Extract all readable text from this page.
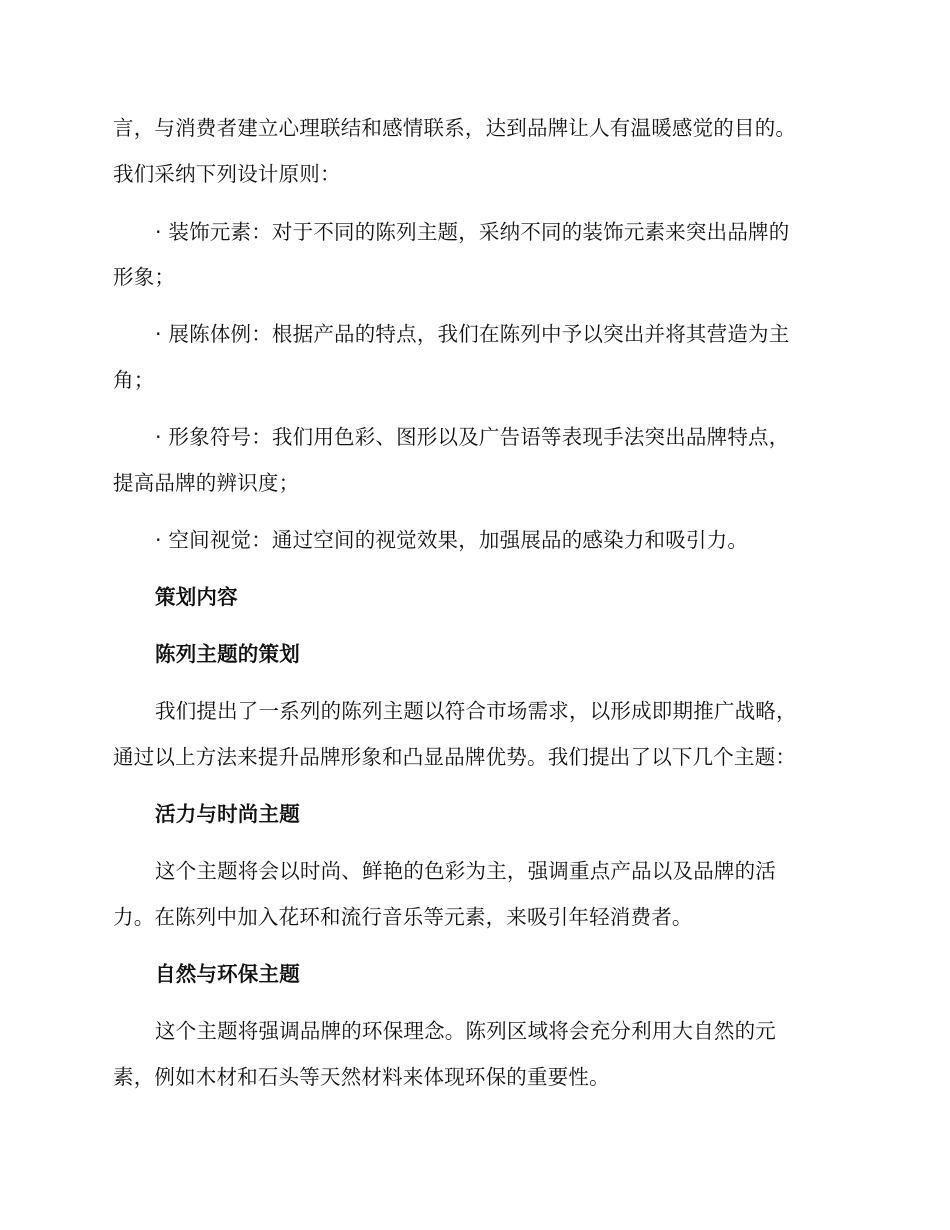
言，与消费者建立心理联结和感情联系，达到品牌让人有温暖感觉的目的。
我们采纳下列设计原则：
· 装饰元素：对于不同的陈列主题，采纳不同的装饰元素来突出品牌的
形象；
· 展陈体例：根据产品的特点，我们在陈列中予以突出并将其营造为主
角；
· 形象符号：我们用色彩、图形以及广告语等表现手法突出品牌特点，
提高品牌的辨识度；
· 空间视觉：通过空间的视觉效果，加强展品的感染力和吸引力。
策划内容
陈列主题的策划
我们提出了一系列的陈列主题以符合市场需求，以形成即期推广战略，
通过以上方法来提升品牌形象和凸显品牌优势。我们提出了以下几个主题：
活力与时尚主题
这个主题将会以时尚、鲜艳的色彩为主，强调重点产品以及品牌的活
力。在陈列中加入花环和流行音乐等元素，来吸引年轻消费者。
自然与环保主题
这个主题将强调品牌的环保理念。陈列区域将会充分利用大自然的元
素，例如木材和石头等天然材料来体现环保的重要性。
